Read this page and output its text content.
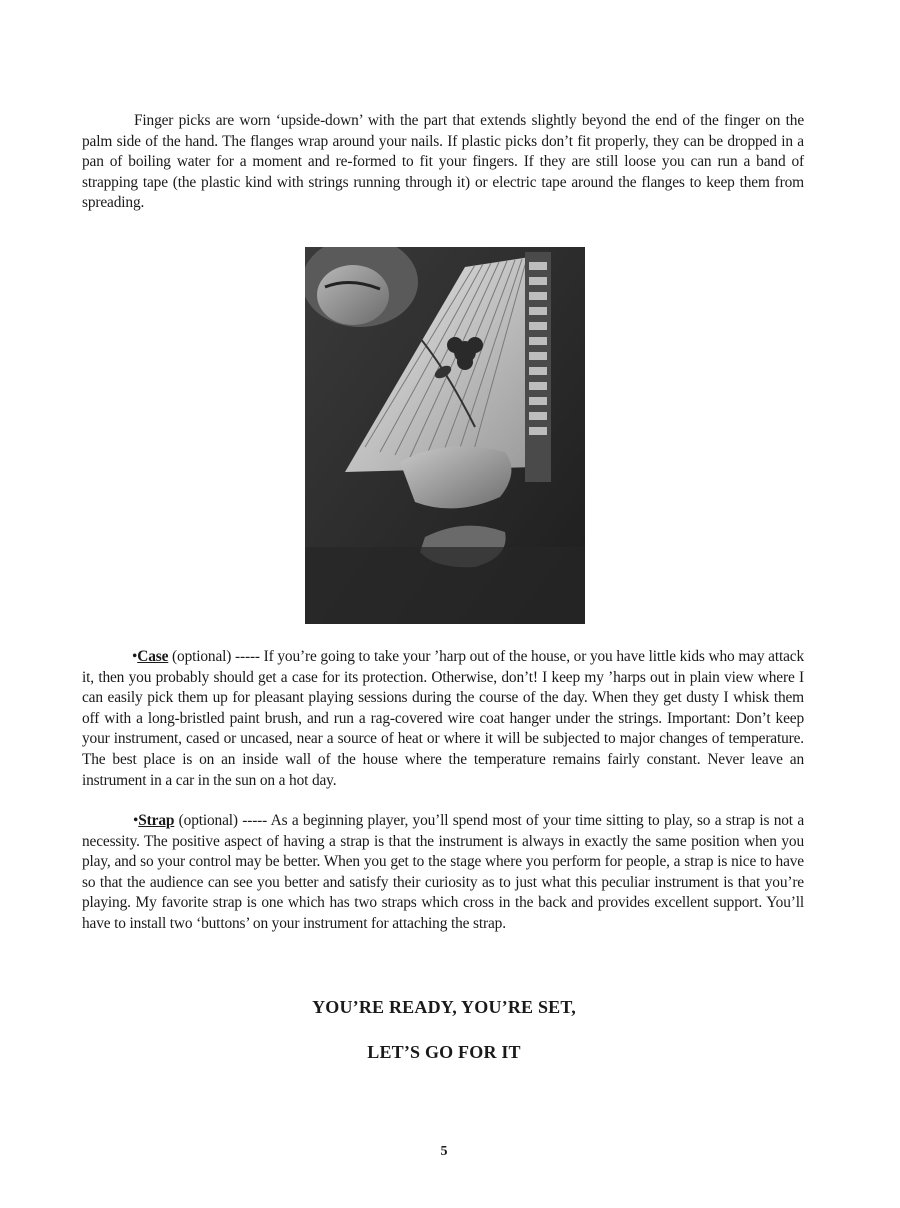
Finger picks are worn ‘upside-down’ with the part that extends slightly beyond the end of the finger on the palm side of the hand. The flanges wrap around your nails. If plastic picks don’t fit properly, they can be dropped in a pan of boiling water for a moment and re-formed to fit your fingers. If they are still loose you can run a band of strapping tape (the plastic kind with strings running through it) or electric tape around the flanges to keep them from spreading.

•Case (optional) ----- If you’re going to take your ’harp out of the house, or you have little kids who may attack it, then you probably should get a case for its protection. Otherwise, don’t! I keep my ’harps out in plain view where I can easily pick them up for pleasant playing sessions during the course of the day. When they get dusty I whisk them off with a long-bristled paint brush, and run a rag-covered wire coat hanger under the strings. Important: Don’t keep your instrument, cased or uncased, near a source of heat or where it will be subjected to major changes of temperature. The best place is on an inside wall of the house where the temperature remains fairly constant. Never leave an instrument in a car in the sun on a hot day.

•Strap (optional) ----- As a beginning player, you’ll spend most of your time sitting to play, so a strap is not a necessity. The positive aspect of having a strap is that the instrument is always in exactly the same position when you play, and so your control may be better. When you get to the stage where you perform for people, a strap is nice to have so that the audience can see you better and satisfy their curiosity as to just what this peculiar instrument is that you’re playing. My favorite strap is one which has two straps which cross in the back and provides excellent support. You’ll have to install two ‘buttons’ on your instrument for attaching the strap.

YOU’RE READY, YOU’RE SET,

LET’S GO FOR IT

5
